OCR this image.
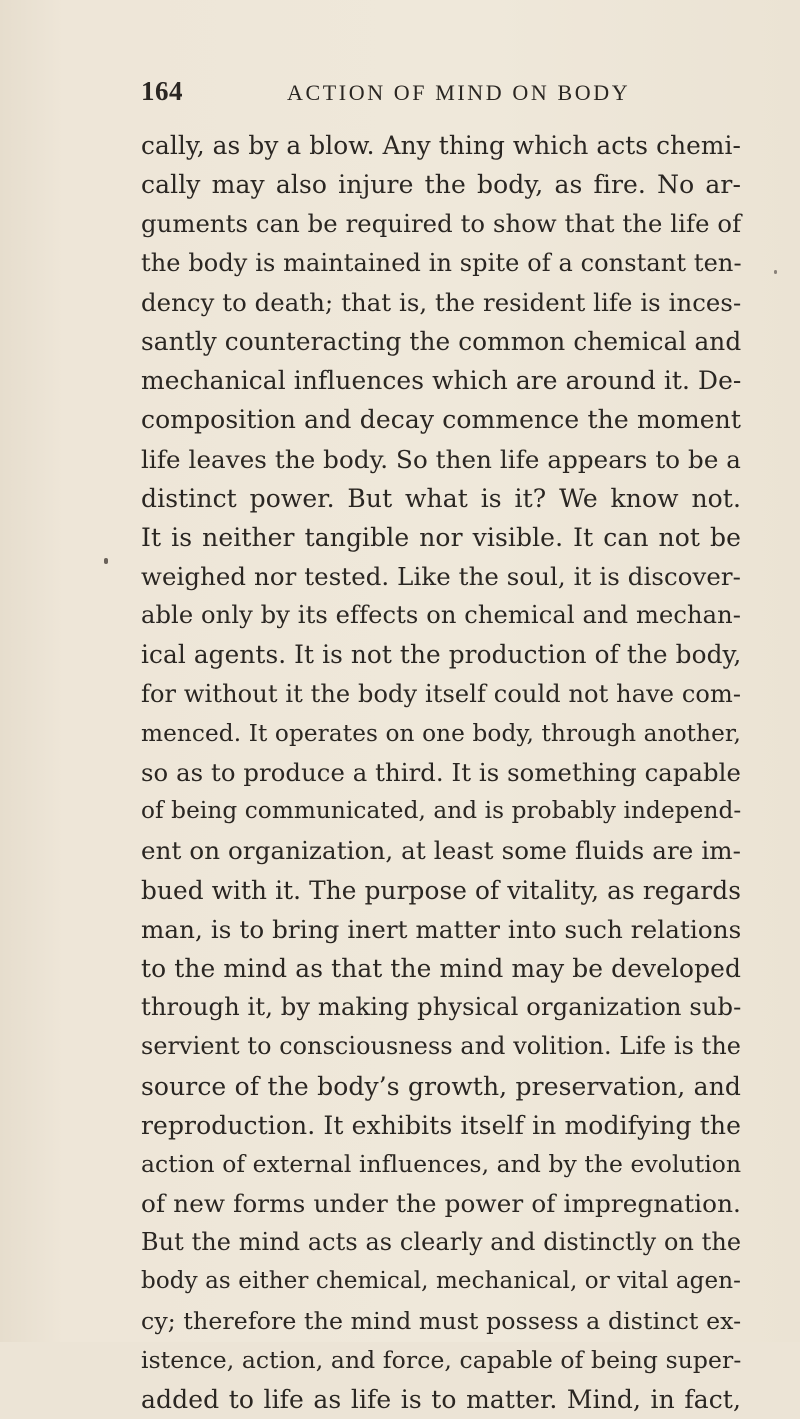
164	ACTION OF MIND ON BODY
cally, as by a blow. Any thing which acts chemi-
cally may also injure the body, as fire. No ar-
guments can be required to show that the life of
the body is maintained in spite of a constant ten-
dency to death; that is, the resident life is inces-
santly counteracting the common chemical and
mechanical influences which are around it. De-
composition and decay commence the moment
life leaves the body. So then life appears to be a
distinct power. But what is it? We know not.
It is neither tangible nor visible. It can not be
weighed nor tested. Like the soul, it is discover-
able only by its effects on chemical and mechan-
ical agents. It is not the production of the body,
for without it the body itself could not have com-
menced. It operates on one body, through another,
so as to produce a third. It is something capable
of being communicated, and is probably independ-
ent on organization, at least some fluids are im-
bued with it. The purpose of vitality, as regards
man, is to bring inert matter into such relations
to the mind as that the mind may be developed
through it, by making physical organization sub-
servient to consciousness and volition. Life is the
source of the body’s growth, preservation, and
reproduction. It exhibits itself in modifying the
action of external influences, and by the evolution
of new forms under the power of impregnation.
But the mind acts as clearly and distinctly on the
body as either chemical, mechanical, or vital agen-
cy; therefore the mind must possess a distinct ex-
istence, action, and force, capable of being super-
added to life as life is to matter. Mind, in fact,
